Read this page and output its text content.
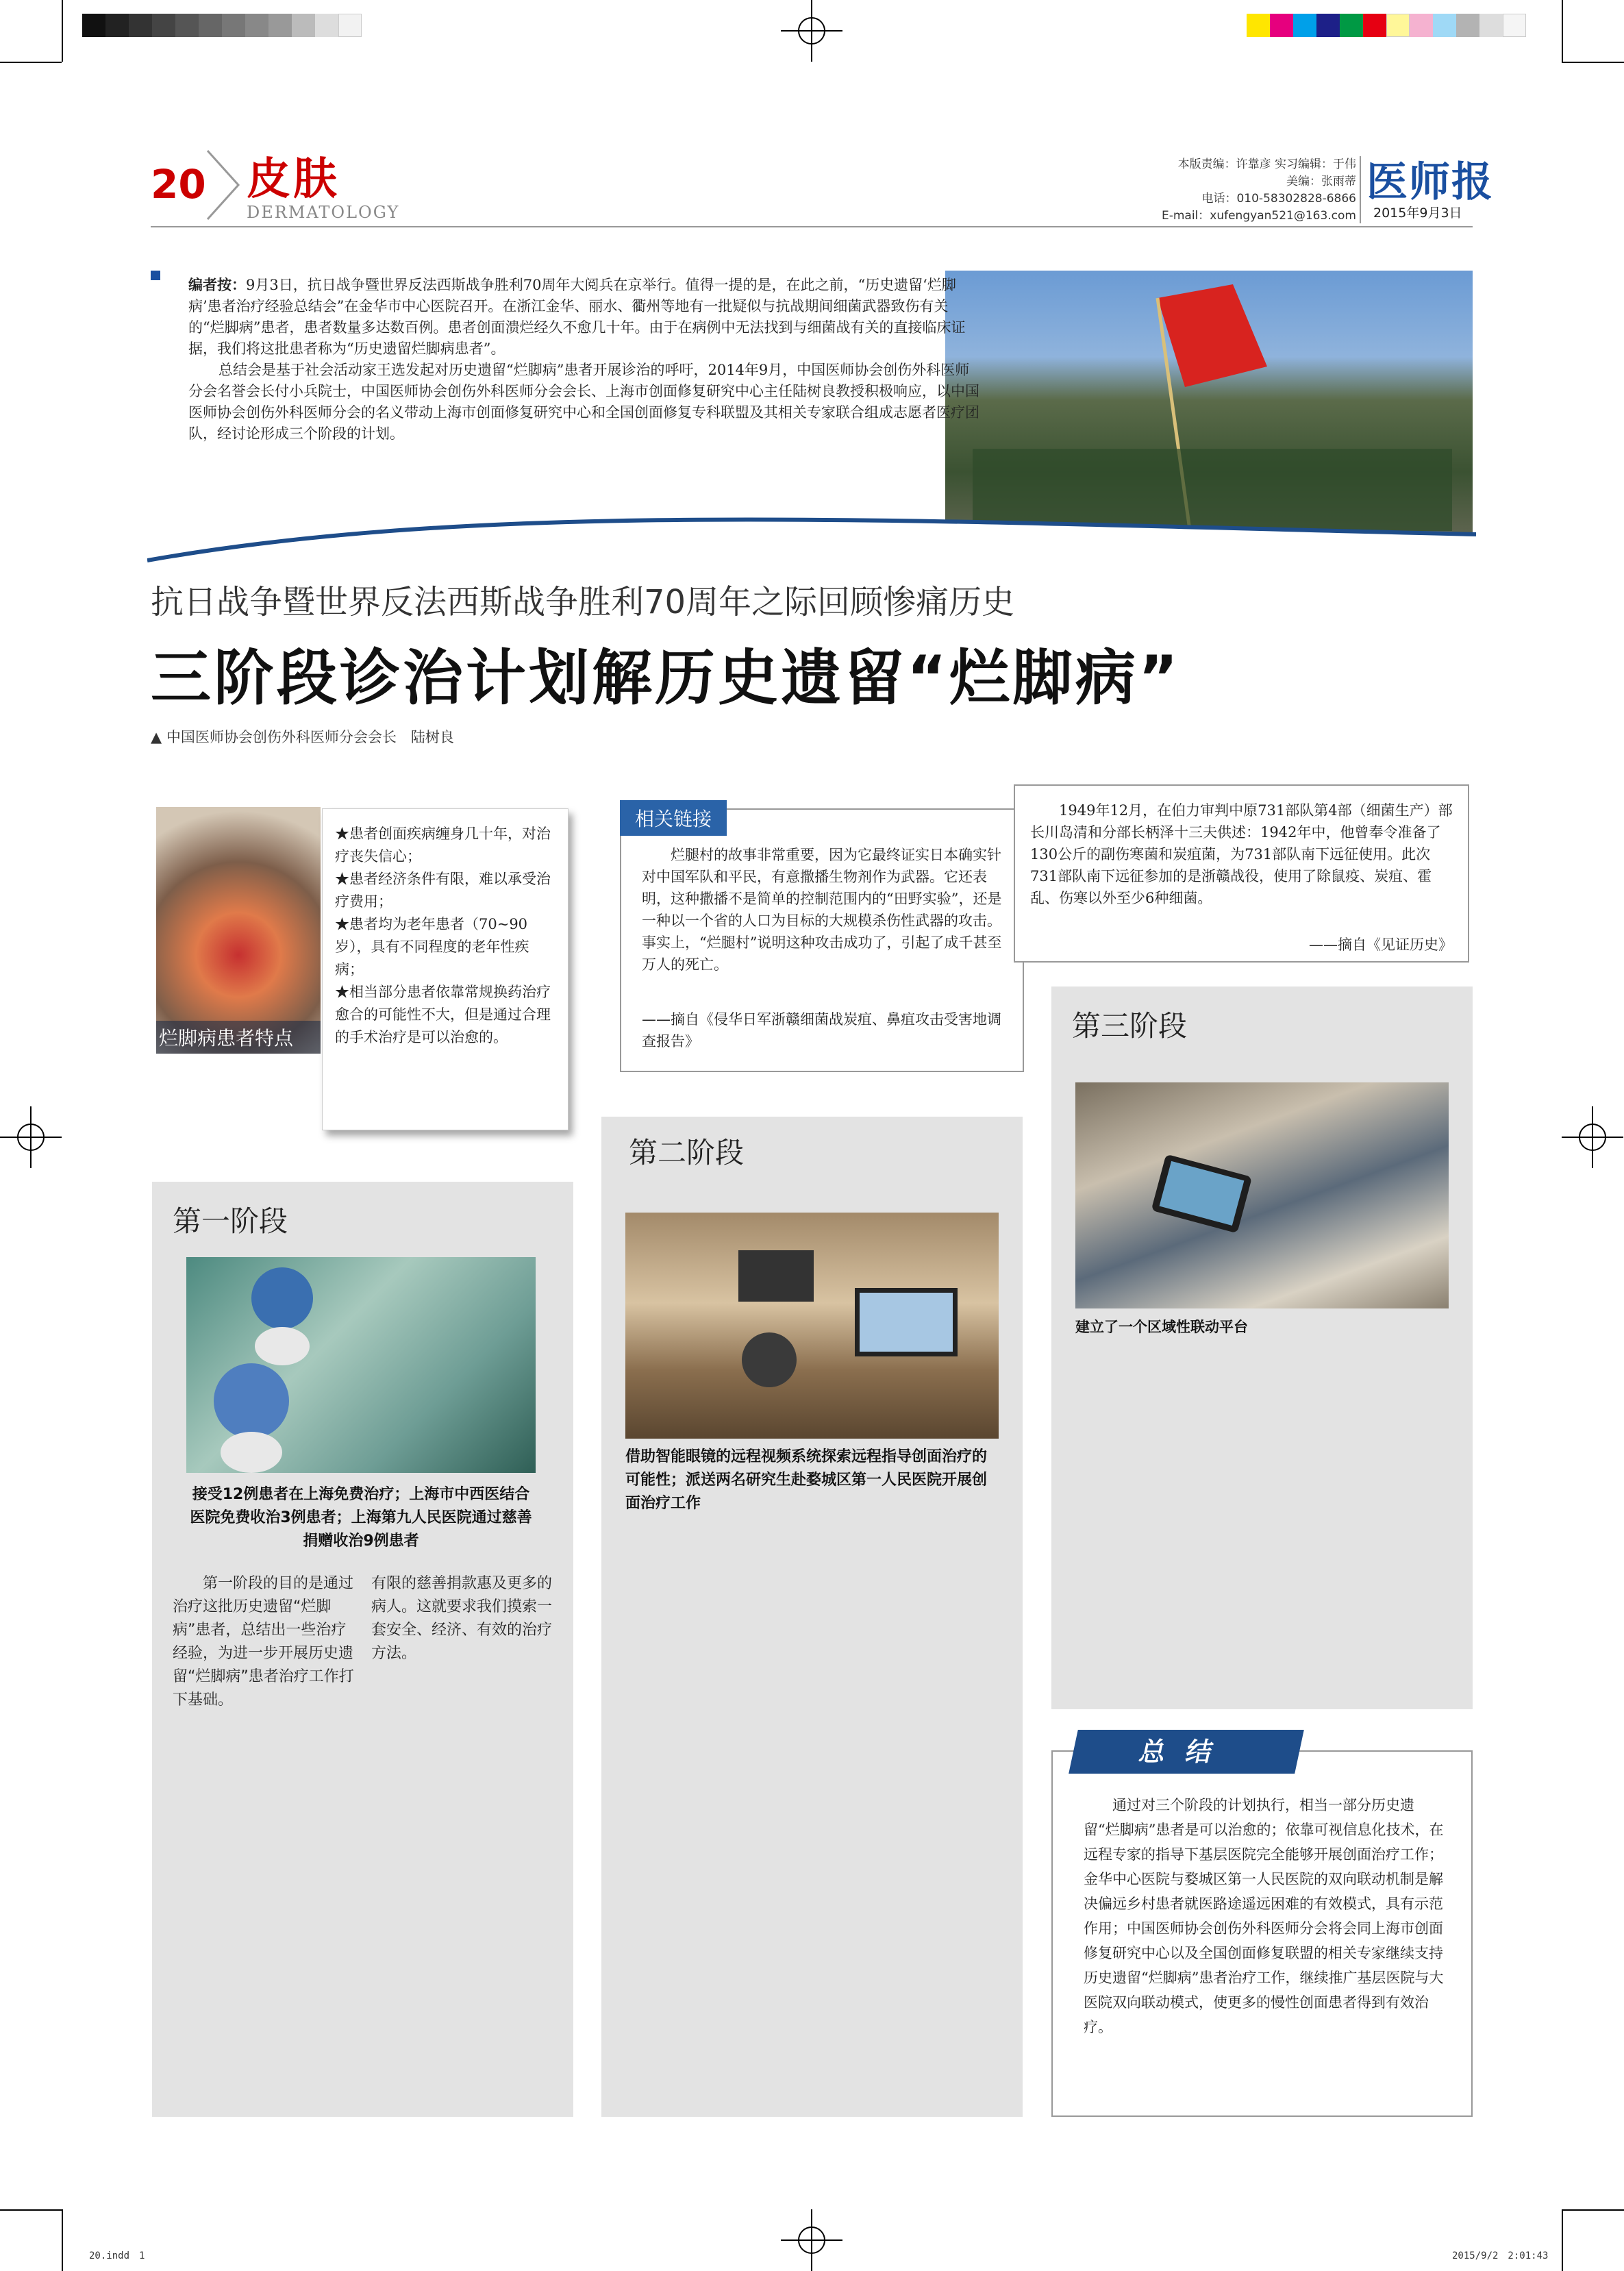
20 皮肤
DERMATOLOGY
本版责编：许靠彦 实习编辑：于伟
美编：张雨蒂
电话：010-58302828-6866
E-mail：xufengyan521@163.com
医师报
2015年9月3日

编者按：9月3日，抗日战争暨世界反法西斯战争胜利70周年大阅兵在京举行。值得一提的是，在此之前，“历史遗留‘烂脚病’患者治疗经验总结会”在金华市中心医院召开。在浙江金华、丽水、衢州等地有一批疑似与抗战期间细菌武器致伤有关的“烂脚病”患者，患者数量多达数百例。患者创面溃烂经久不愈几十年。由于在病例中无法找到与细菌战有关的直接临床证据，我们将这批患者称为“历史遗留烂脚病患者”。

总结会是基于社会活动家王选发起对历史遗留“烂脚病”患者开展诊治的呼吁，2014年9月，中国医师协会创伤外科医师分会名誉会长付小兵院士，中国医师协会创伤外科医师分会会长、上海市创面修复研究中心主任陆树良教授积极响应，以中国医师协会创伤外科医师分会的名义带动上海市创面修复研究中心和全国创面修复专科联盟及其相关专家联合组成志愿者医疗团队，经讨论形成三个阶段的计划。

抗日战争暨世界反法西斯战争胜利70周年之际回顾惨痛历史
三阶段诊治计划解历史遗留“烂脚病”
▲ 中国医师协会创伤外科医师分会会长　陆树良
烂脚病患者特点
★患者创面疾病缠身几十年，对治疗丧失信心；
★患者经济条件有限，难以承受治疗费用；
★患者均为老年患者（70~90岁），具有不同程度的老年性疾病；
★相当部分患者依靠常规换药治疗愈合的可能性不大，但是通过合理的手术治疗是可以治愈的。
相关链接
烂腿村的故事非常重要，因为它最终证实日本确实针对中国军队和平民，有意撒播生物剂作为武器。它还表明，这种撒播不是简单的控制范围内的“田野实验”，还是一种以一个省的人口为目标的大规模杀伤性武器的攻击。事实上，“烂腿村”说明这种攻击成功了，引起了成千甚至万人的死亡。
——摘自《侵华日军浙赣细菌战炭疽、鼻疽攻击受害地调查报告》
1949年12月，在伯力审判中原731部队第4部（细菌生产）部长川岛清和分部长柄泽十三夫供述：1942年中，他曾奉令准备了130公斤的副伤寒菌和炭疽菌，为731部队南下远征使用。此次731部队南下远征参加的是浙赣战役，使用了除鼠疫、炭疽、霍乱、伤寒以外至少6种细菌。
——摘自《见证历史》
第三阶段
建立了一个区域性联动平台
第二阶段
借助智能眼镜的远程视频系统探索远程指导创面治疗的可能性；派送两名研究生赴婺城区第一人民医院开展创面治疗工作
第一阶段
接受12例患者在上海免费治疗；上海市中西医结合医院免费收治3例患者；上海第九人民医院通过慈善捐赠收治9例患者
第一阶段的目的是通过治疗这批历史遗留“烂脚病”患者，总结出一些治疗经验，为进一步开展历史遗留“烂脚病”患者治疗工作打下基础。
有限的慈善捐款惠及更多的病人。这就要求我们摸索一套安全、经济、有效的治疗方法。
总结
通过对三个阶段的计划执行，相当一部分历史遗留“烂脚病”患者是可以治愈的；依靠可视信息化技术，在远程专家的指导下基层医院完全能够开展创面治疗工作；金华中心医院与婺城区第一人民医院的双向联动机制是解决偏远乡村患者就医路途遥远困难的有效模式，具有示范作用；中国医师协会创伤外科医师分会将会同上海市创面修复研究中心以及全国创面修复联盟的相关专家继续支持历史遗留“烂脚病”患者治疗工作，继续推广基层医院与大医院双向联动模式，使更多的慢性创面患者得到有效治疗。
20.indd　1	2015/9/2　2:01:43
